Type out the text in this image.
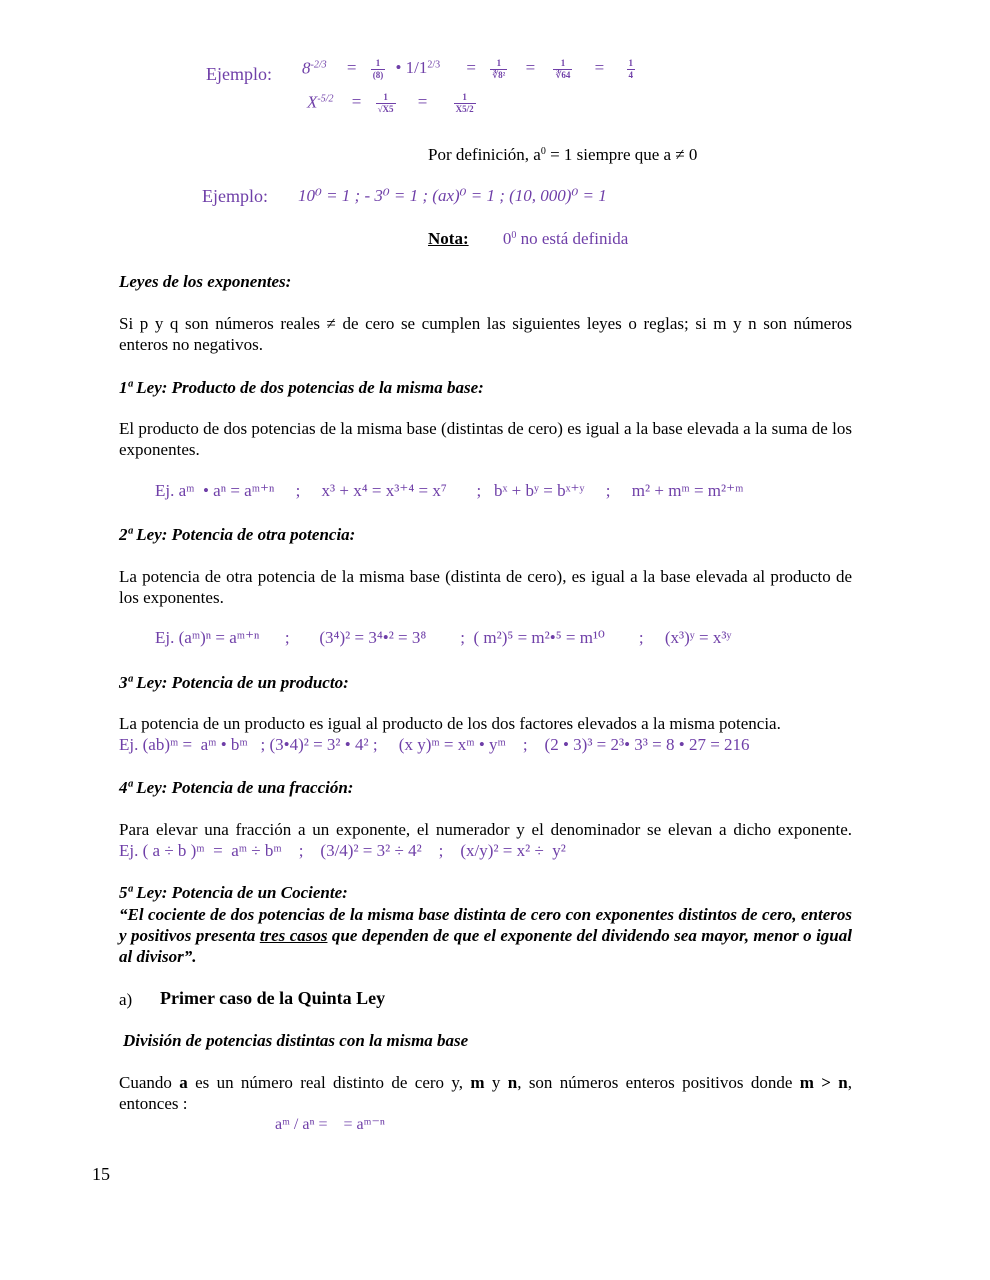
Ejemplo: $8^{-2/3} = \frac{1}{(8)}$ • $1/1^{2/3} = \frac{1}{\text{∛8²}} = \frac{1}{∛64} = \frac{1}{4}$
$X^{-5/2} = \frac{1}{√X5}$ =	$\frac{1}{X5/2}$
Por definición, $a^0 = 1$ siempre que a ≠ 0
Ejemplo: 10⁰ = 1 ; - 3⁰ = 1 ; (ax)⁰ = 1 ; (10, 000)⁰ = 1
Nota: $0^0$ no está definida
Leyes de los exponentes:
Si p y q son números reales ≠ de cero se cumplen las siguientes leyes o reglas; si m y n son números enteros no negativos.
1ª Ley: Producto de dos potencias de la misma base:
El producto de dos potencias de la misma base (distintas de cero) es igual a la base elevada a la suma de los exponentes.
Ej. aᵐ  • aⁿ = aᵐ⁺ⁿ     ;     x³ + x⁴ = x³⁺⁴ = x⁷       ;   bˣ + bʸ = bˣ⁺ʸ     ;     m² + mᵐ = m²⁺ᵐ
2ª Ley: Potencia de otra potencia:
La potencia de otra potencia de la misma base (distinta de cero), es igual a la base elevada al producto de los exponentes.
Ej. (aᵐ)ⁿ = aᵐ⁺ⁿ      ;       (3⁴)² = 3⁴•² = 3⁸        ;  ( m²)⁵ = m²•⁵ = m¹⁰        ;     (x³)ʸ = x³ʸ
3ª Ley: Potencia de un producto:
La potencia de un producto es igual al producto de los dos factores elevados a la misma potencia.
Ej. (ab)ᵐ =  aᵐ • bᵐ   ; (3•4)² = 3² • 4² ;     (x y)ᵐ = xᵐ • yᵐ    ;    (2 • 3)³ = 2³• 3³ = 8 • 27 = 216
4ª Ley: Potencia de una fracción:
Para elevar una fracción a un exponente, el numerador y el denominador se elevan a dicho exponente. Ej. ( a ÷ b )ᵐ  =  aᵐ ÷ bᵐ    ;    (3/4)² = 3² ÷ 4²    ;    (x/y)² = x² ÷  y²
5ª Ley: Potencia de un Cociente:
“El cociente de dos potencias de la misma base distinta de cero con exponentes distintos de cero, enteros y positivos presenta tres casos que dependen de que el exponente del dividendo sea mayor, menor o igual al divisor”.
a) Primer caso de la Quinta Ley
División de potencias distintas con la misma base
Cuando a es un número real distinto de cero y, m y n, son números enteros positivos donde m > n, entonces :
aᵐ / aⁿ =    = aᵐ⁻ⁿ
15
